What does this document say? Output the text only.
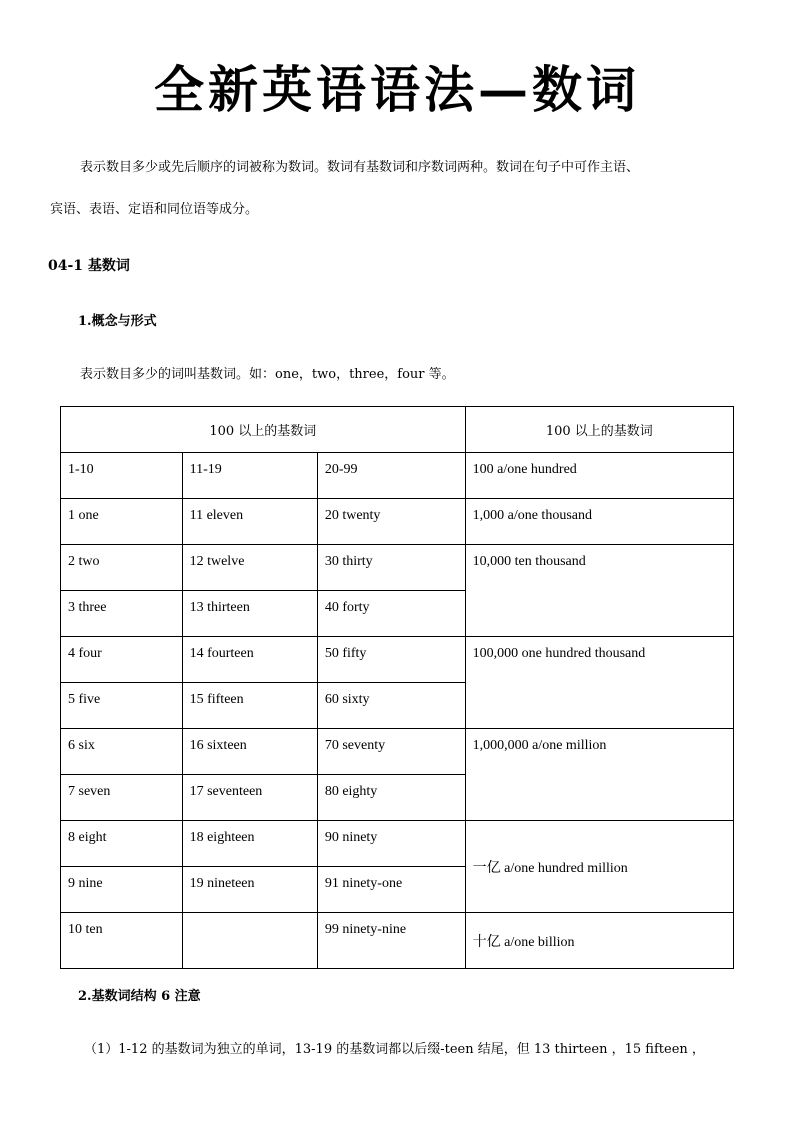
全新英语语法—数词
表示数目多少或先后顺序的词被称为数词。数词有基数词和序数词两种。数词在句子中可作主语、
宾语、表语、定语和同位语等成分。
04-1 基数词
1.概念与形式
表示数目多少的词叫基数词。如：one，two，three，four 等。
100 以上的基数词			100 以上的基数词
1-10	11-19	20-99	100 a/one hundred
1 one	11 eleven	20 twenty	1,000 a/one thousand
2 two	12 twelve	30 thirty	10,000 ten thousand
3 three	13 thirteen	40 forty	
4 four	14 fourteen	50 fifty	100,000 one hundred thousand
5 five	15 fifteen	60 sixty	
6 six	16 sixteen	70 seventy	1,000,000 a/one million
7 seven	17 seventeen	80 eighty	
8 eight	18 eighteen	90 ninety	一亿 a/one hundred million
9 nine	19 nineteen	91 ninety-one	
10 ten		99 ninety-nine	十亿 a/one billion
2.基数词结构 6 注意
（1）1-12 的基数词为独立的单词，13-19 的基数词都以后缀-teen 结尾，但 13 thirteen ，15 fifteen ，
